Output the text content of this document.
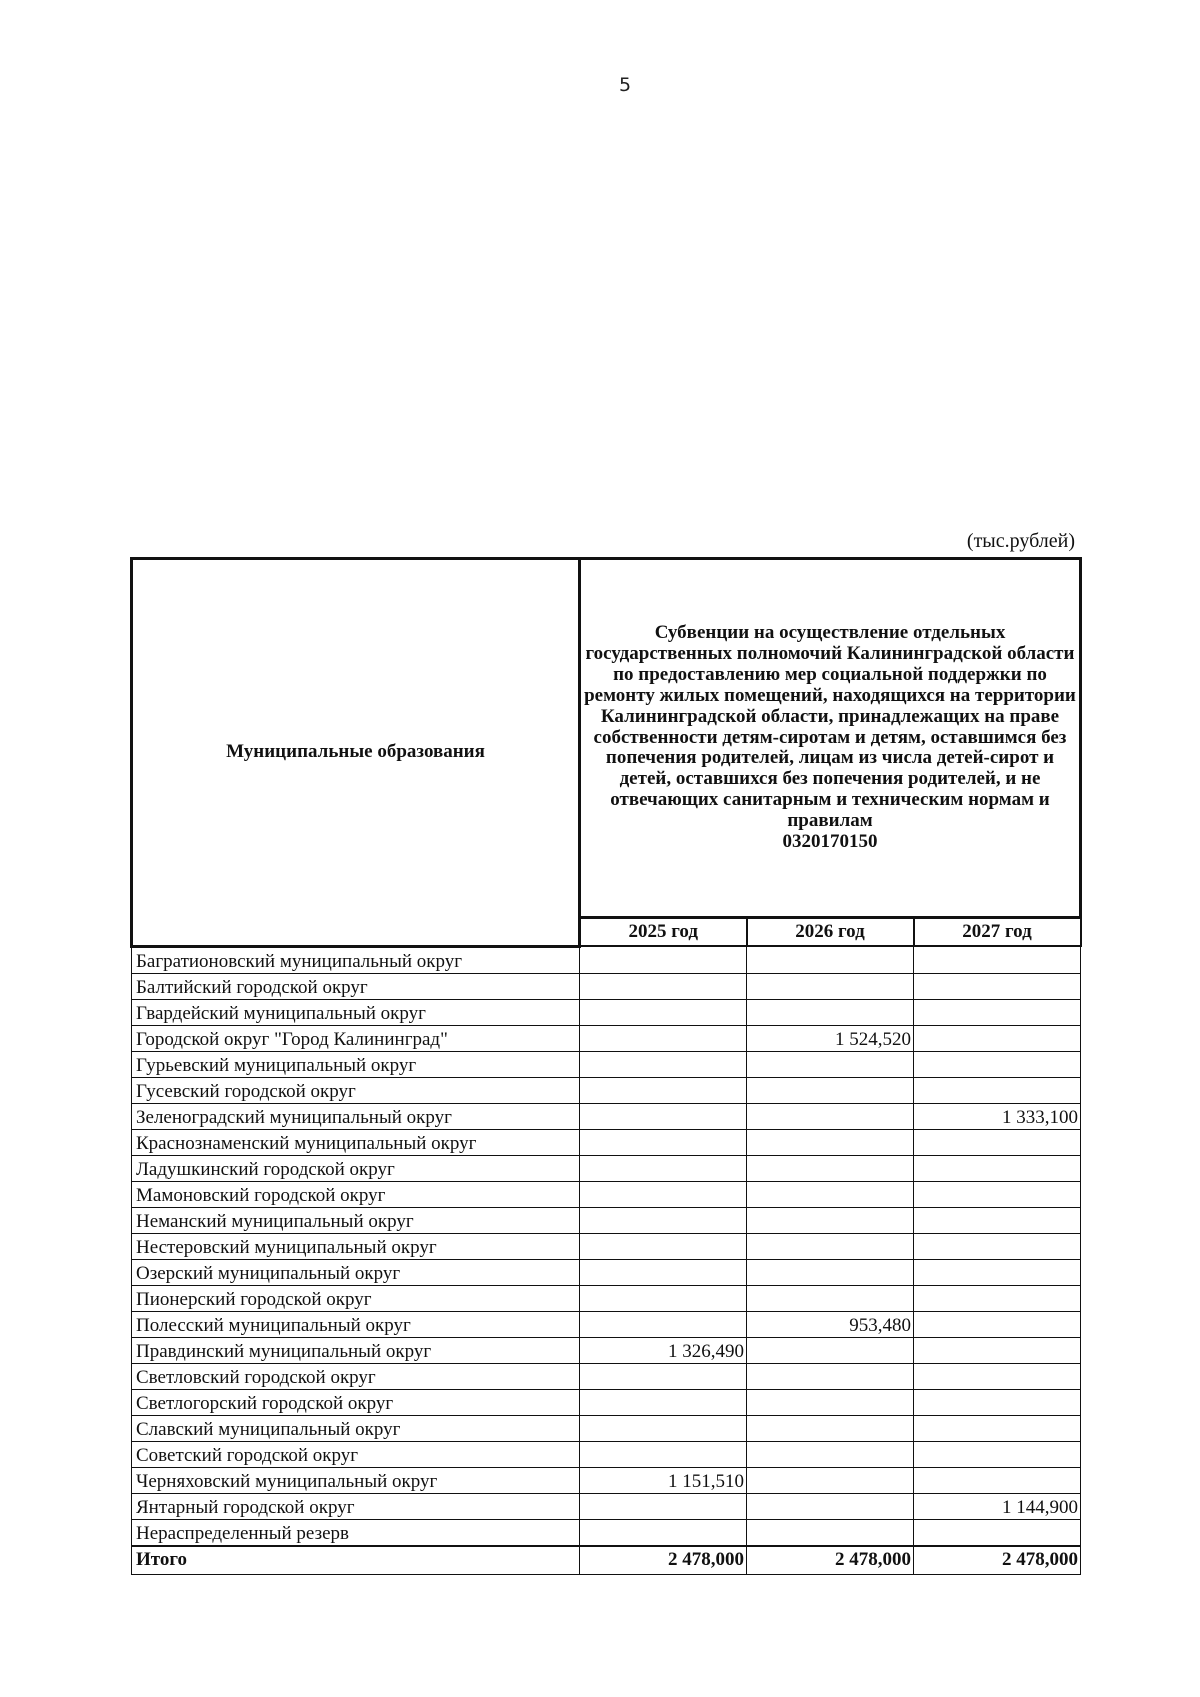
5
(тыс.рублей)
Муниципальные образования	Субвенции на осуществление отдельных государственных полномочий Калининградской области по предоставлению мер социальной поддержки по ремонту жилых помещений, находящихся на территории Калининградской области, принадлежащих на праве собственности детям-сиротам и детям, оставшимся без попечения родителей, лицам из числа детей-сирот и детей, оставшихся без попечения родителей, и не отвечающих санитарным и техническим нормам и правилам
0320170150		
	2025 год	2026 год	2027 год
Багратионовский муниципальный округ			
Балтийский городской округ			
Гвардейский муниципальный округ			
Городской округ "Город Калининград"		1 524,520	
Гурьевский муниципальный округ			
Гусевский городской округ			
Зеленоградский муниципальный округ			1 333,100
Краснознаменский муниципальный округ			
Ладушкинский городской округ			
Мамоновский городской округ			
Неманский муниципальный округ			
Нестеровский муниципальный округ			
Озерский муниципальный округ			
Пионерский городской округ			
Полесский муниципальный округ		953,480	
Правдинский муниципальный округ	1 326,490		
Светловский городской округ			
Светлогорский городской округ			
Славский муниципальный округ			
Советский городской округ			
Черняховский муниципальный округ	1 151,510		
Янтарный городской округ			1 144,900
Нераспределенный резерв			
Итого	2 478,000	2 478,000	2 478,000
